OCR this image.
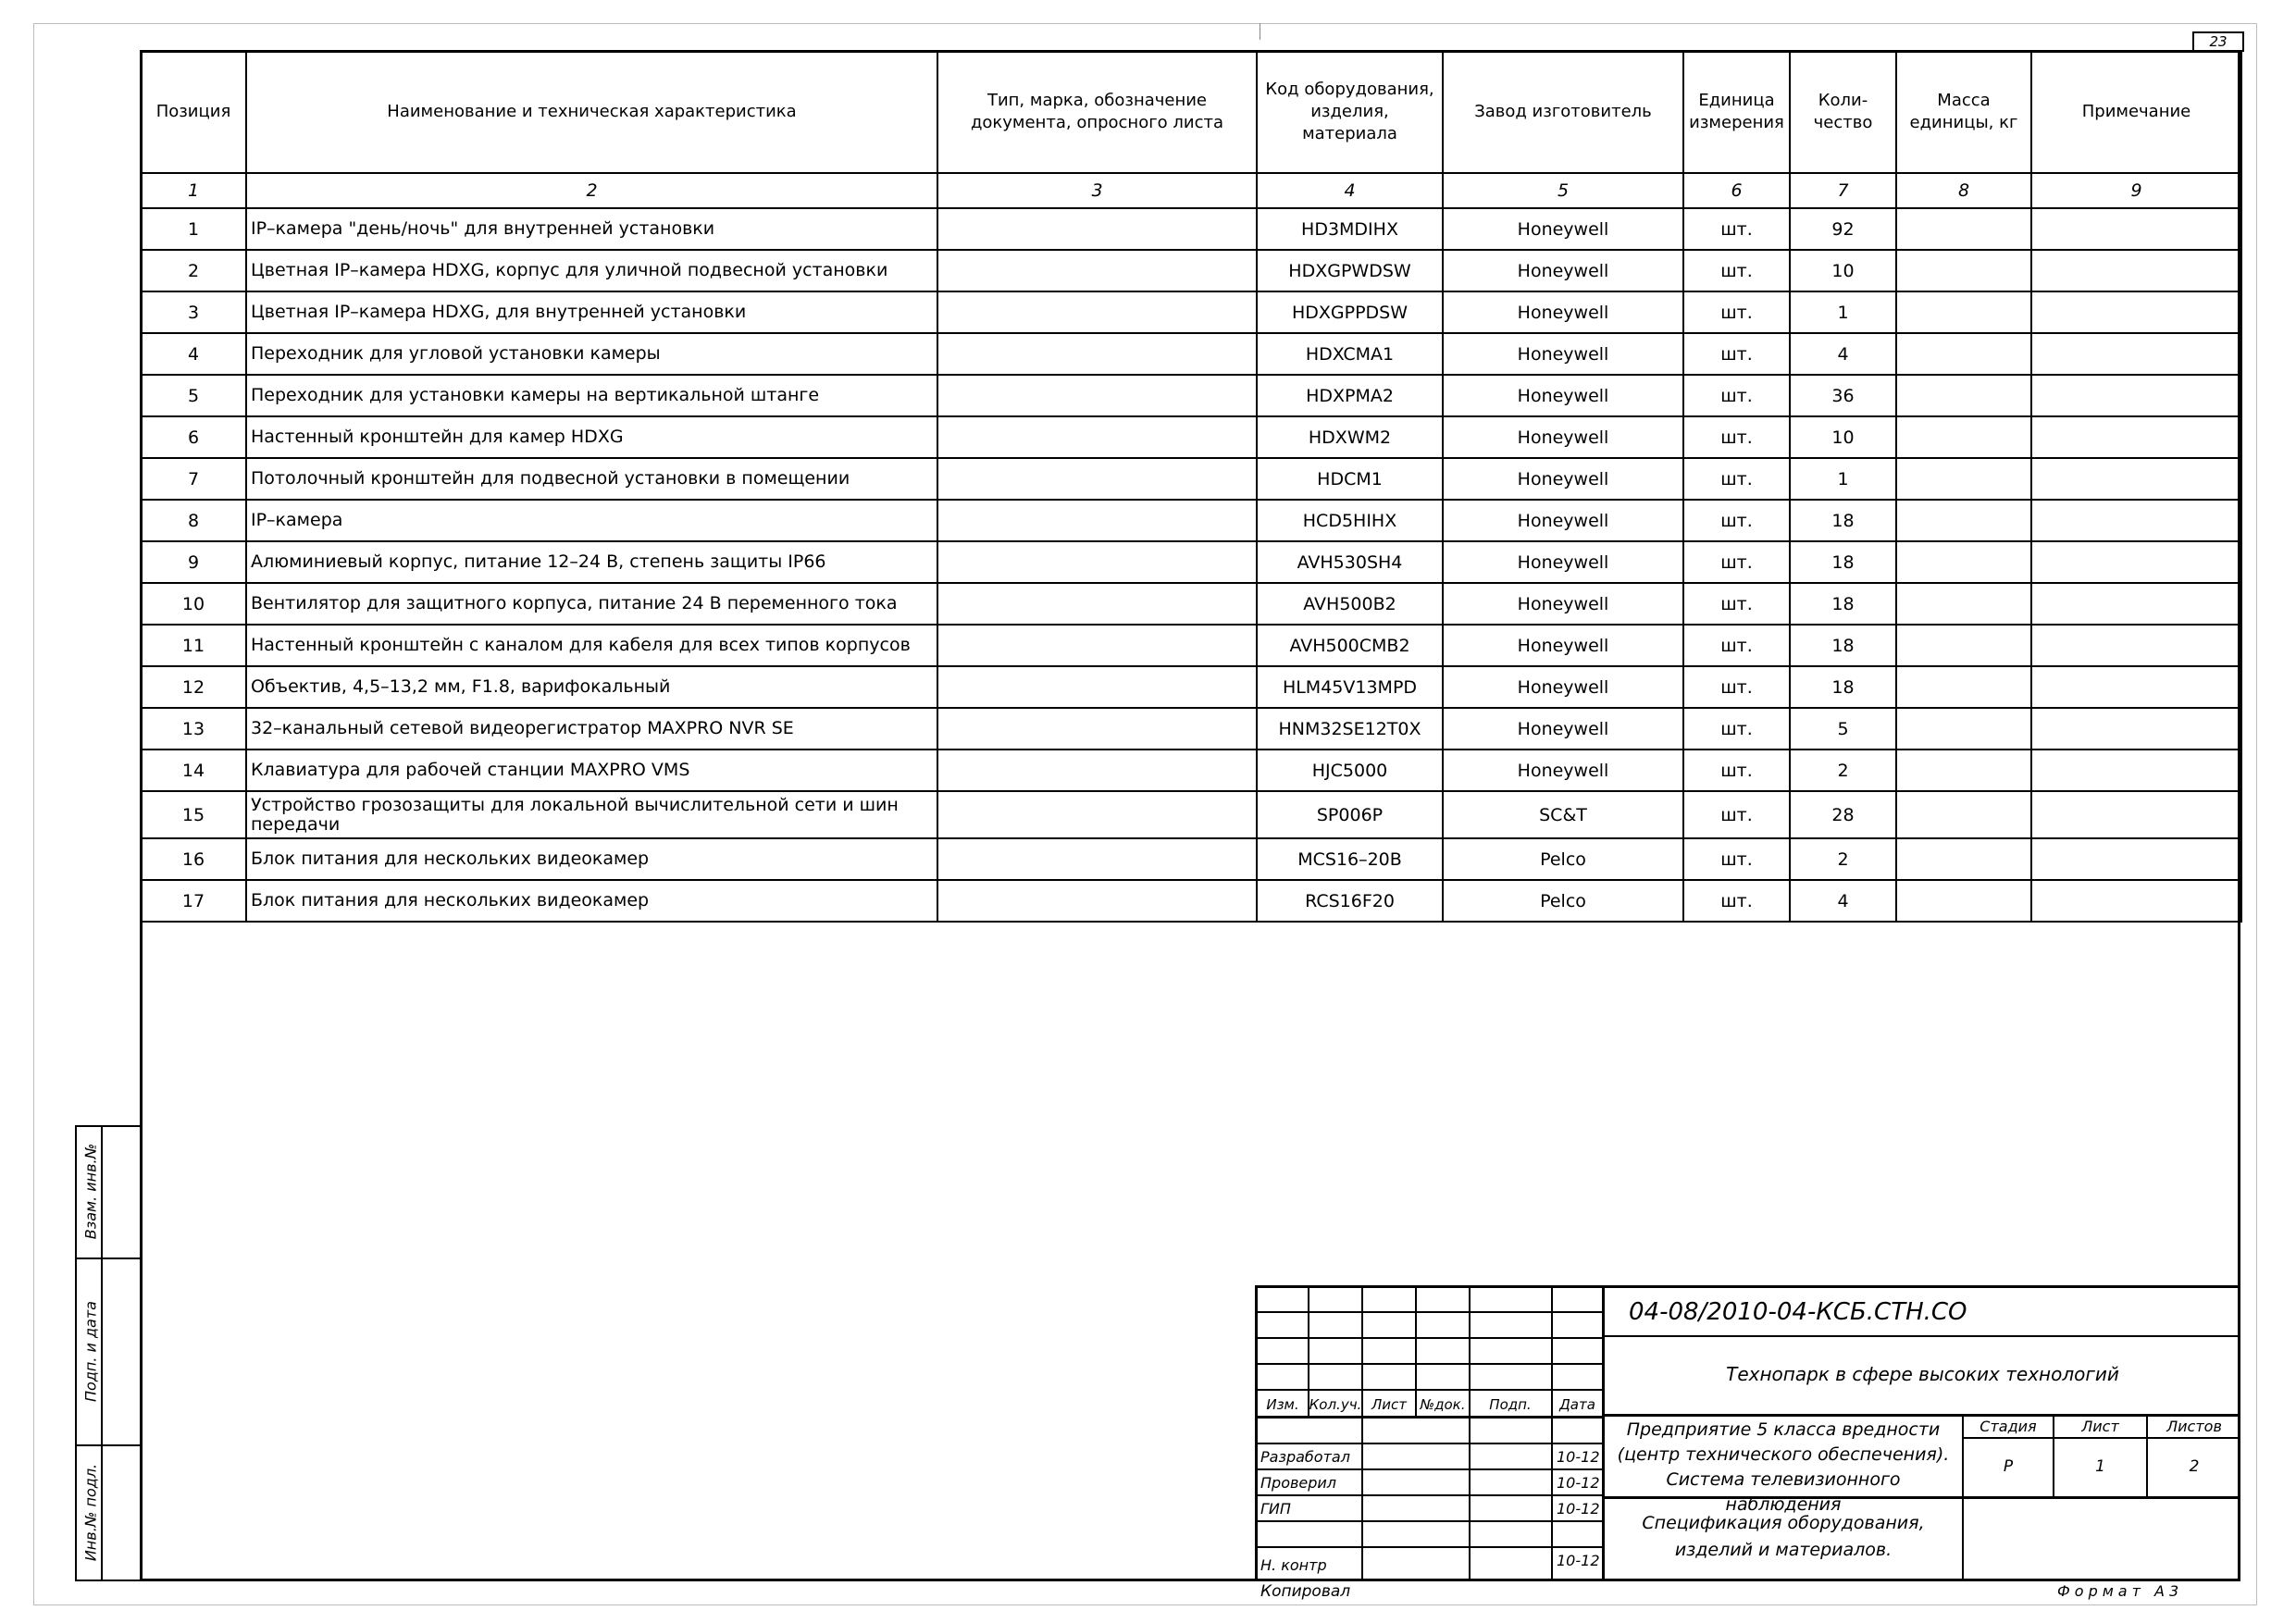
23
Позиция	Наименование и техническая характеристика	Тип, марка, обозначение документа, опросного листа	Код оборудования, изделия, материала	Завод изготовитель	Единица измерения	Коли- чество	Масса единицы, кг	Примечание
1	2	3	4	5	6	7	8	9
1	IP–камера "день/ночь" для внутренней установки		HD3MDIHX	Honeywell	шт.	92		
2	Цветная IP–камера HDXG, корпус для уличной подвесной установки		HDXGPWDSW	Honeywell	шт.	10		
3	Цветная IP–камера HDXG, для внутренней установки		HDXGPPDSW	Honeywell	шт.	1		
4	Переходник для угловой установки камеры		HDXCMA1	Honeywell	шт.	4		
5	Переходник для установки камеры на вертикальной штанге		HDXPMA2	Honeywell	шт.	36		
6	Настенный кронштейн для камер HDXG		HDXWM2	Honeywell	шт.	10		
7	Потолочный кронштейн для подвесной установки в помещении		HDCM1	Honeywell	шт.	1		
8	IP–камера		HCD5HIHX	Honeywell	шт.	18		
9	Алюминиевый корпус, питание 12–24 В, степень защиты IP66		AVH530SH4	Honeywell	шт.	18		
10	Вентилятор для защитного корпуса, питание 24 В переменного тока		AVH500B2	Honeywell	шт.	18		
11	Настенный кронштейн с каналом для кабеля для всех типов корпусов		AVH500CMB2	Honeywell	шт.	18		
12	Объектив, 4,5–13,2 мм, F1.8, варифокальный		HLM45V13MPD	Honeywell	шт.	18		
13	32–канальный сетевой видеорегистратор MAXPRO NVR SE		HNM32SE12T0X	Honeywell	шт.	5		
14	Клавиатура для рабочей станции MAXPRO VMS		HJC5000	Honeywell	шт.	2		
15	Устройство грозозащиты для локальной вычислительной сети и шин передачи		SP006P	SC&T	шт.	28		
16	Блок питания для нескольких видеокамер		MCS16–20B	Pelco	шт.	2		
17	Блок питания для нескольких видеокамер		RCS16F20	Pelco	шт.	4		
Взам. инв.№
Подп. и дата
Инв.№ подл.
Изм. Кол.уч. Лист №док.	Подп.	Дата
Разработал	10-12
Проверил	10-12
ГИП	10-12
Н. контр	10-12
04-08/2010-04-КСБ.СТН.СО
Технопарк в сфере высоких технологий
Предприятие 5 класса вредности (центр технического обеспечения). Система телевизионного наблюдения
Спецификация оборудования, изделий и материалов.
Стадия	Лист	Листов
Р	1	2
Копировал	Формат А3
